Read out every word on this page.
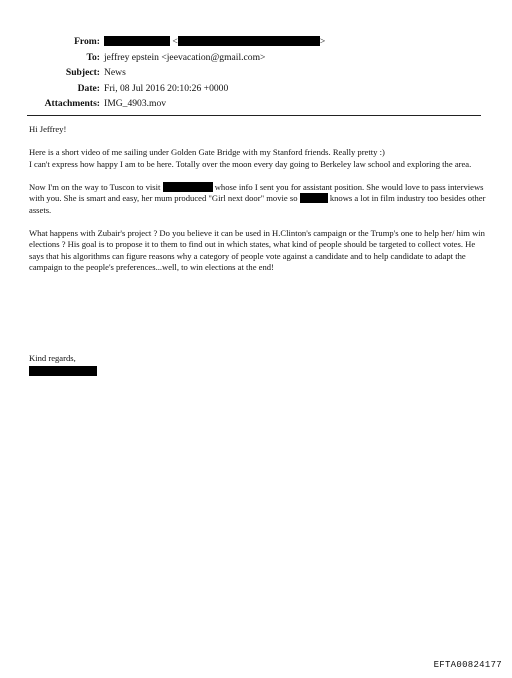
From:	<	>
To: jeffrey epstein <jeevacation@gmail.com>
Subject: News
Date: Fri, 08 Jul 2016 20:10:26 +0000
Attachments: IMG_4903.mov

Hi Jeffrey!

Here is a short video of me sailing under Golden Gate Bridge with my Stanford friends. Really pretty :)
I can't express how happy I am to be here. Totally over the moon every day going to Berkeley law school and exploring the area.

Now I'm on the way to Tuscon to visit	whose info I sent you for assistant position. She would love to pass interviews with you. She is smart and easy, her mum produced "Girl next door" movie so	knows a lot in film industry too besides other assets.

What happens with Zubair's project ? Do you believe it can be used in H.Clinton's campaign or the Trump's one to help her/ him win elections ? His goal is to propose it to them to find out in which states, what kind of people should be targeted to collect votes. He says that his algorithms can figure reasons why a category of people vote against a candidate and to help candidate to adapt the campaign to the people's preferences...well, to win elections at the end!

Kind regards,
EFTA00824177
